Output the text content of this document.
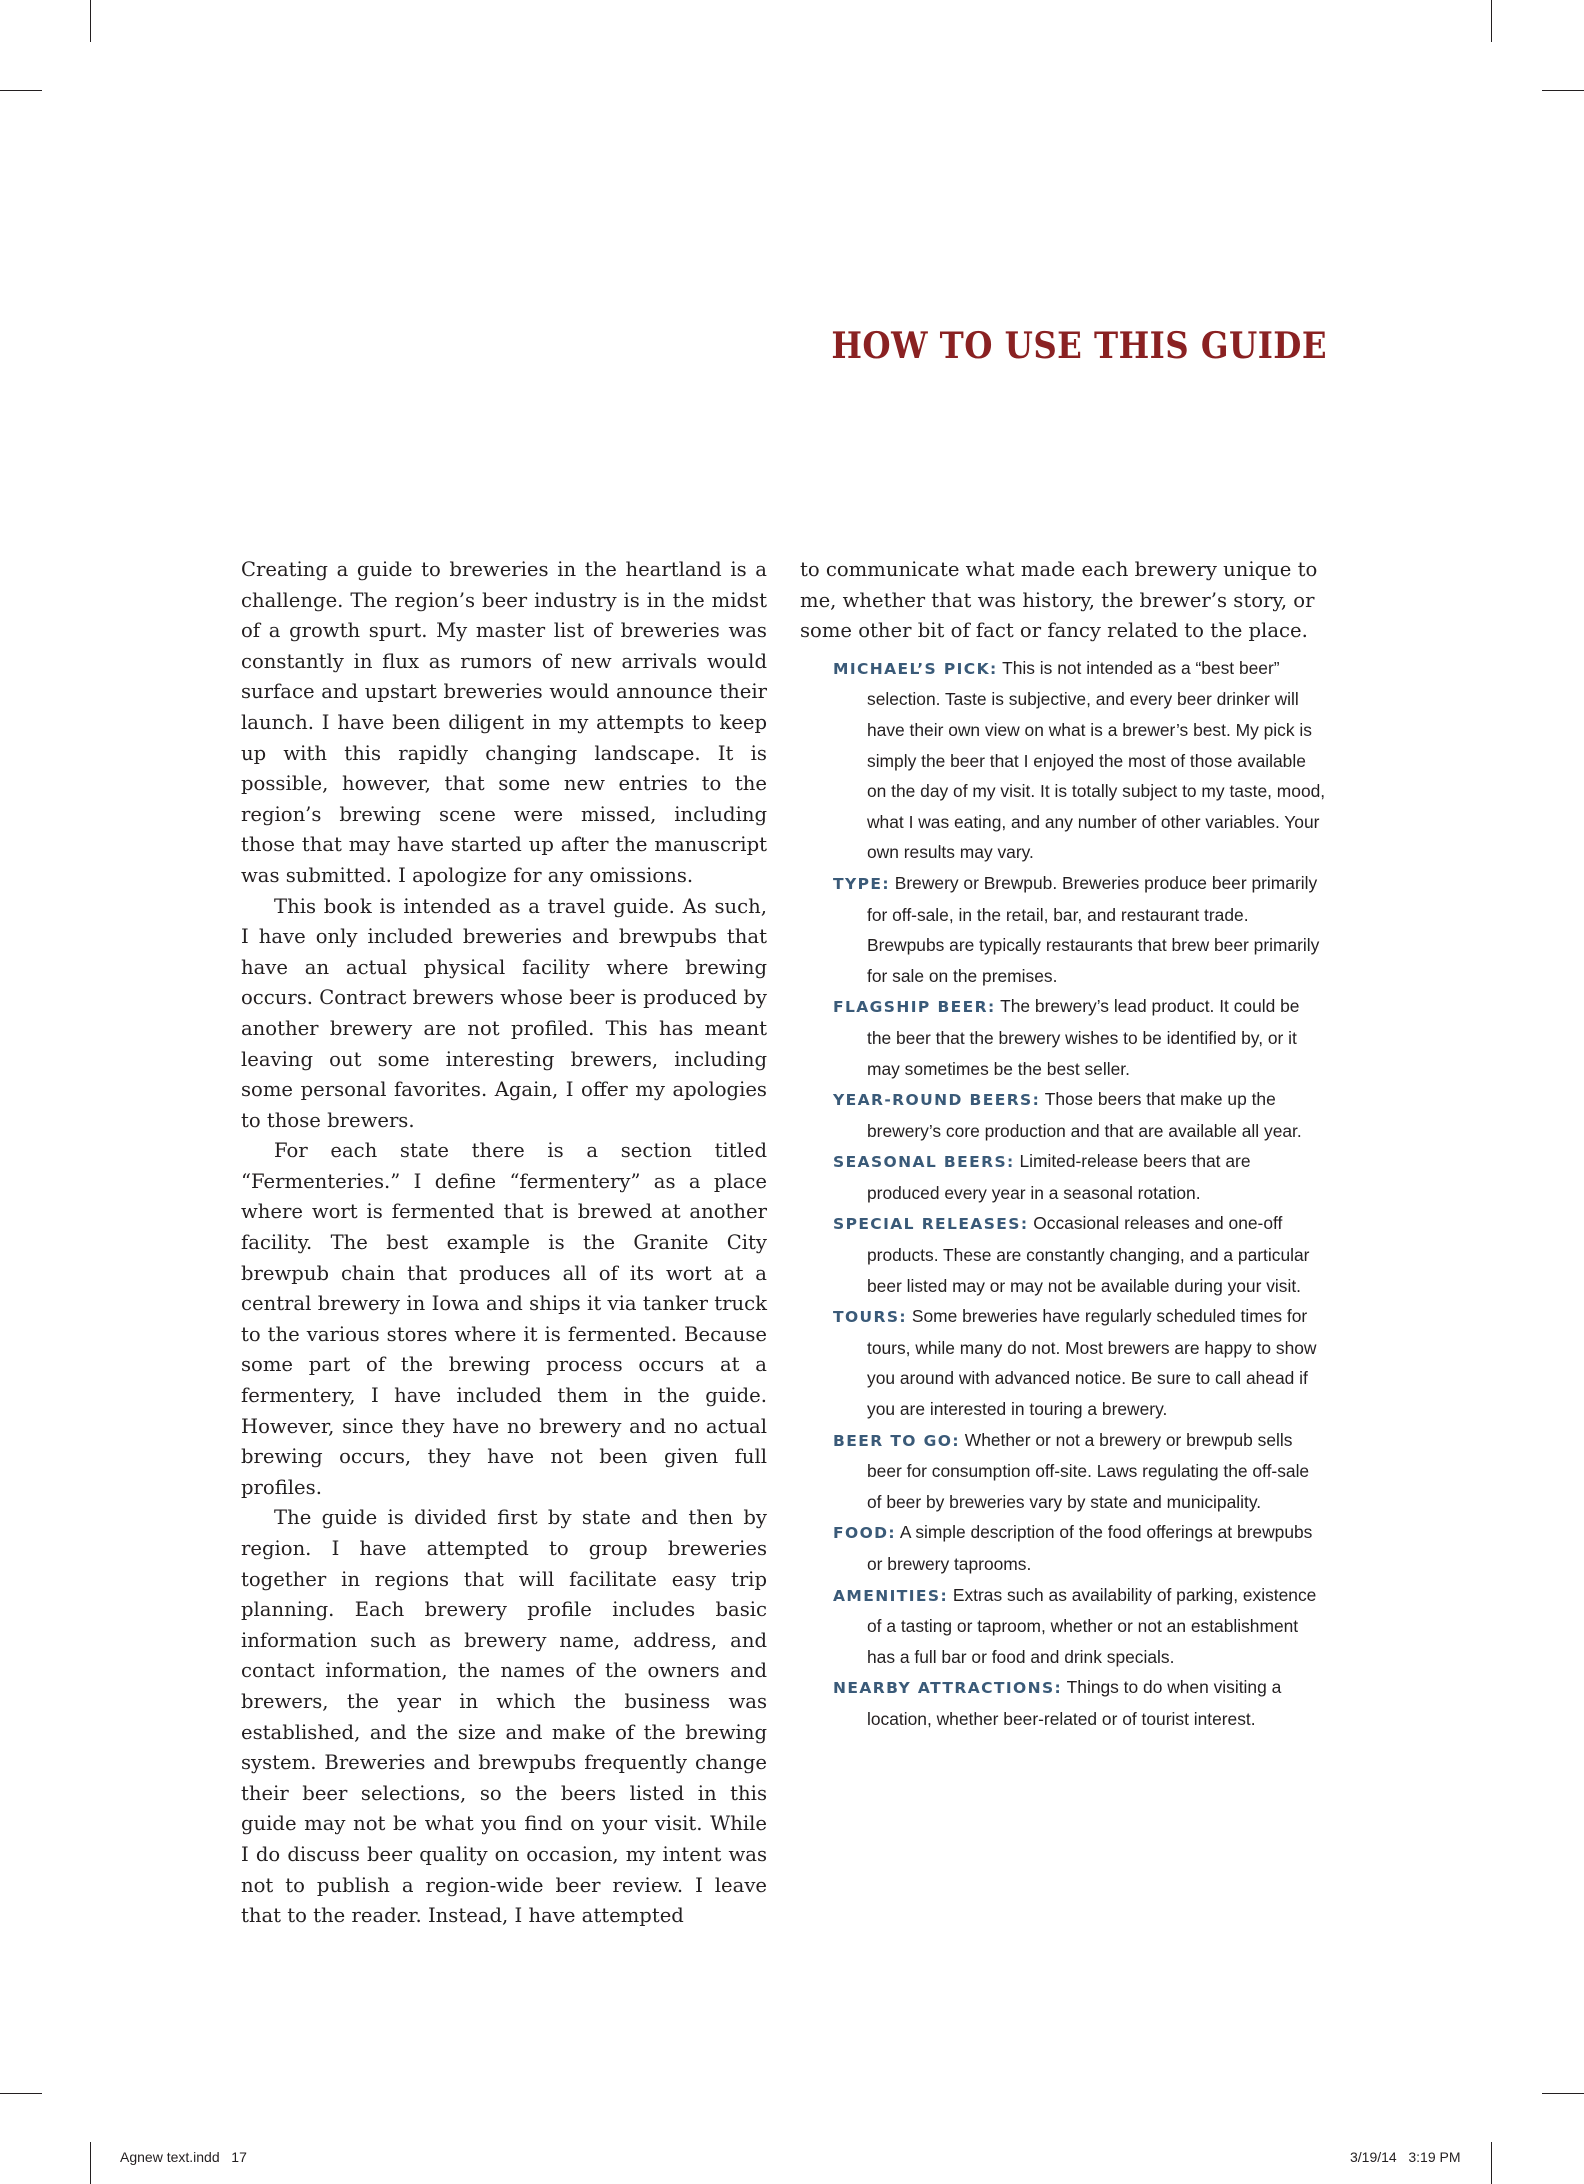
HOW TO USE THIS GUIDE

Creating a guide to breweries in the heartland is a challenge. The region’s beer industry is in the midst of a growth spurt. My master list of breweries was constantly in flux as rumors of new arrivals would surface and upstart breweries would announce their launch. I have been diligent in my attempts to keep up with this rapidly changing landscape. It is possible, however, that some new entries to the region’s brewing scene were missed, including those that may have started up after the manuscript was submitted. I apologize for any omissions.

This book is intended as a travel guide. As such, I have only included breweries and brewpubs that have an actual physical facility where brewing occurs. Contract brewers whose beer is produced by another brewery are not profiled. This has meant leaving out some interesting brewers, including some personal favorites. Again, I offer my apologies to those brewers.

For each state there is a section titled “Fermenteries.” I define “fermentery” as a place where wort is fermented that is brewed at another facility. The best example is the Granite City brewpub chain that produces all of its wort at a central brewery in Iowa and ships it via tanker truck to the various stores where it is fermented. Because some part of the brewing process occurs at a fermentery, I have included them in the guide. However, since they have no brewery and no actual brewing occurs, they have not been given full profiles.

The guide is divided first by state and then by region. I have attempted to group breweries together in regions that will facilitate easy trip planning. Each brewery profile includes basic information such as brewery name, address, and contact information, the names of the owners and brewers, the year in which the business was established, and the size and make of the brewing system. Breweries and brewpubs frequently change their beer selections, so the beers listed in this guide may not be what you find on your visit. While I do discuss beer quality on occasion, my intent was not to publish a region-wide beer review. I leave that to the reader. Instead, I have attempted

to communicate what made each brewery unique to me, whether that was history, the brewer’s story, or some other bit of fact or fancy related to the place.

MICHAEL’S PICK: This is not intended as a “best beer” selection. Taste is subjective, and every beer drinker will have their own view on what is a brewer’s best. My pick is simply the beer that I enjoyed the most of those available on the day of my visit. It is totally subject to my taste, mood, what I was eating, and any number of other variables. Your own results may vary.
TYPE: Brewery or Brewpub. Breweries produce beer primarily for off-sale, in the retail, bar, and restaurant trade. Brewpubs are typically restaurants that brew beer primarily for sale on the premises.
FLAGSHIP BEER: The brewery’s lead product. It could be the beer that the brewery wishes to be identified by, or it may sometimes be the best seller.
YEAR-ROUND BEERS: Those beers that make up the brewery’s core production and that are available all year.
SEASONAL BEERS: Limited-release beers that are produced every year in a seasonal rotation.
SPECIAL RELEASES: Occasional releases and one-off products. These are constantly changing, and a particular beer listed may or may not be available during your visit.
TOURS: Some breweries have regularly scheduled times for tours, while many do not. Most brewers are happy to show you around with advanced notice. Be sure to call ahead if you are interested in touring a brewery.
BEER TO GO: Whether or not a brewery or brewpub sells beer for consumption off-site. Laws regulating the off-sale of beer by breweries vary by state and municipality.
FOOD: A simple description of the food offerings at brewpubs or brewery taprooms.
AMENITIES: Extras such as availability of parking, existence of a tasting or taproom, whether or not an establishment has a full bar or food and drink specials.
NEARBY ATTRACTIONS: Things to do when visiting a location, whether beer-related or of tourist interest.
Agnew text.indd   17	3/19/14   3:19 PM
